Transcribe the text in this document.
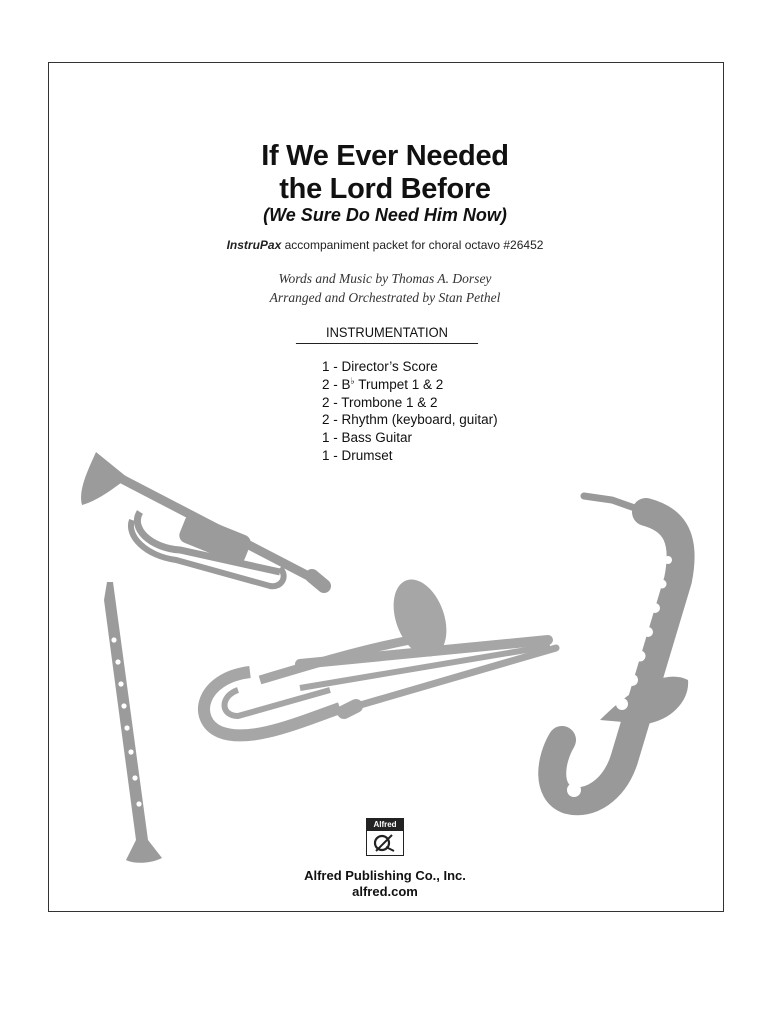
If We Ever Needed
the Lord Before
(We Sure Do Need Him Now)
InstruPax accompaniment packet for choral octavo #26452
Words and Music by Thomas A. Dorsey
Arranged and Orchestrated by Stan Pethel
INSTRUMENTATION
1 - Director’s Score
2 - B♭ Trumpet 1 & 2
2 - Trombone 1 & 2
2 - Rhythm (keyboard, guitar)
1 - Bass Guitar
1 - Drumset
Alfred
Alfred Publishing Co., Inc.
alfred.com
